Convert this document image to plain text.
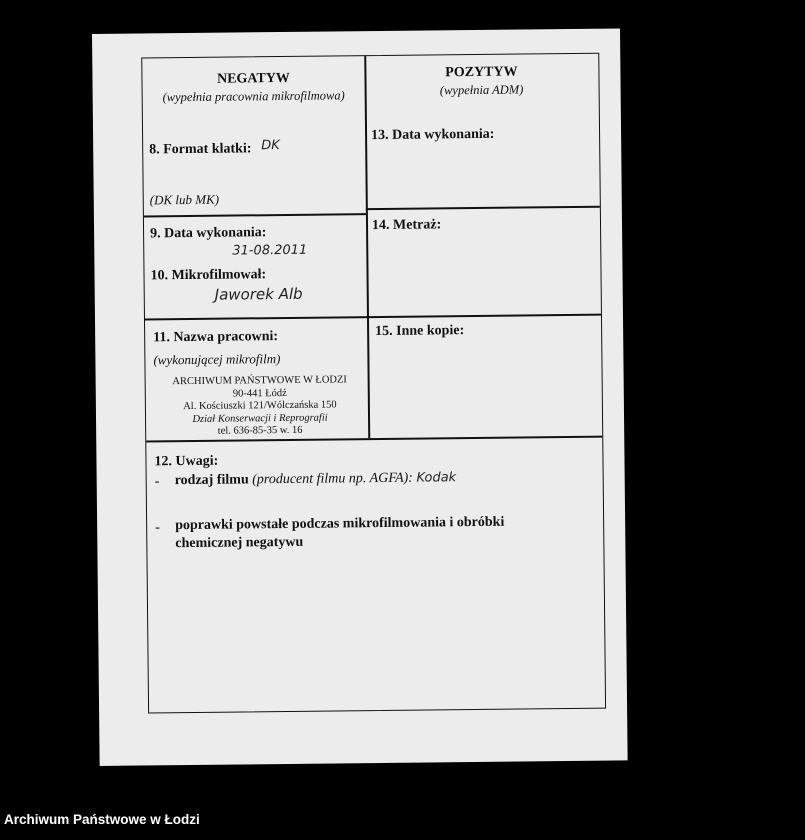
NEGATYW
(wypełnia pracownia mikrofilmowa)
POZYTYW
(wypełnia ADM)
8. Format klatki: DK
(DK lub MK)
13. Data wykonania:
9. Data wykonania:
31-08.2011
10. Mikrofilmował:
Jaworek Alb
14. Metraż:
11. Nazwa pracowni:
(wykonującej mikrofilm)
ARCHIWUM PAŃSTWOWE W ŁODZI
90-441 Łódź
Al. Kościuszki 121/Wólczańska 150
Dział Konserwacji i Reprografii
tel. 636-85-35 w. 16
15. Inne kopie:
12. Uwagi:
- rodzaj filmu (producent filmu np. AGFA): Kodak
- poprawki powstałe podczas mikrofilmowania i obróbki
chemicznej negatywu
Archiwum Państwowe w Łodzi
